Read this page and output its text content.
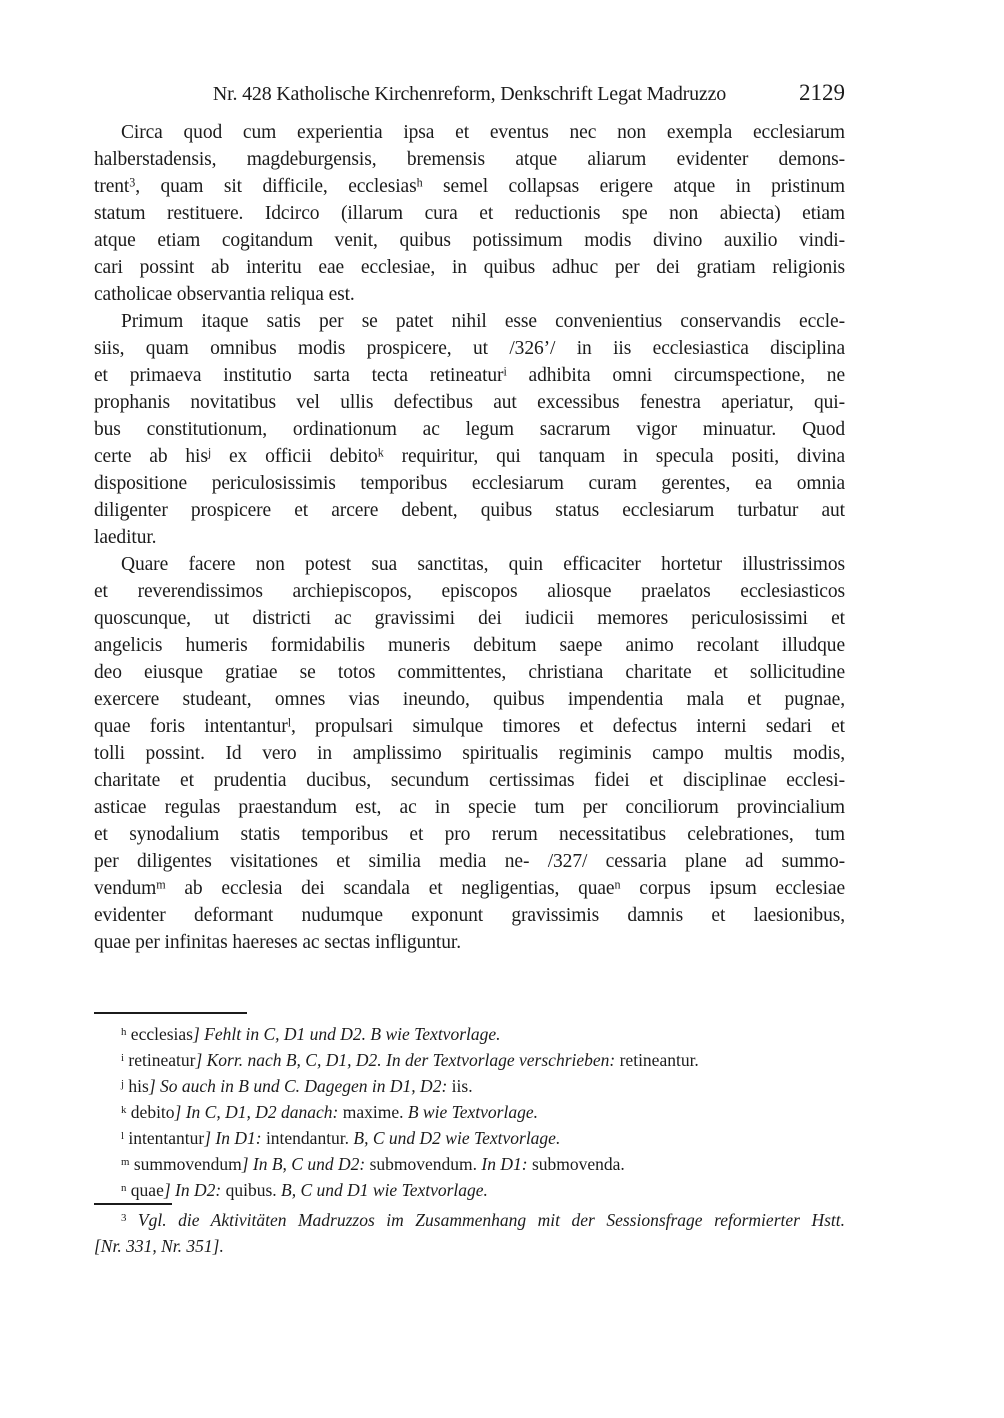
Nr. 428 Katholische Kirchenreform, Denkschrift Legat Madruzzo	2129
Circa quod cum experientia ipsa et eventus nec non exempla ecclesiarum
halberstadensis, magdeburgensis, bremensis atque aliarum evidenter demons-
trent$^3$, quam sit difficile, ecclesias$^h$ semel collapsas erigere atque in pristinum
statum restituere. Idcirco (illarum cura et reductionis spe non abiecta) etiam
atque etiam cogitandum venit, quibus potissimum modis divino auxilio vindi-
cari possint ab interitu eae ecclesiae, in quibus adhuc per dei gratiam religionis
catholicae observantia reliqua est.
Primum itaque satis per se patet nihil esse convenientius conservandis eccle-
siis, quam omnibus modis prospicere, ut /326’/ in iis ecclesiastica disciplina
et primaeva institutio sarta tecta retineatur$^i$ adhibita omni circumspectione, ne
prophanis novitatibus vel ullis defectibus aut excessibus fenestra aperiatur, qui-
bus constitutionum, ordinationum ac legum sacrarum vigor minuatur. Quod
certe ab his$^j$ ex officii debito$^k$ requiritur, qui tanquam in specula positi, divina
dispositione periculosissimis temporibus ecclesiarum curam gerentes, ea omnia
diligenter prospicere et arcere debent, quibus status ecclesiarum turbatur aut
laeditur.
Quare facere non potest sua sanctitas, quin efficaciter hortetur illustrissimos
et reverendissimos archiepiscopos, episcopos aliosque praelatos ecclesiasticos
quoscunque, ut districti ac gravissimi dei iudicii memores periculosissimi et
angelicis humeris formidabilis muneris debitum saepe animo recolant illudque
deo eiusque gratiae se totos committentes, christiana charitate et sollicitudine
exercere studeant, omnes vias ineundo, quibus impendentia mala et pugnae,
quae foris intentantur$^l$, propulsari simulque timores et defectus interni sedari et
tolli possint. Id vero in amplissimo spiritualis regiminis campo multis modis,
charitate et prudentia ducibus, secundum certissimas fidei et disciplinae ecclesi-
asticae regulas praestandum est, ac in specie tum per conciliorum provincialium
et synodalium statis temporibus et pro rerum necessitatibus celebrationes, tum
per diligentes visitationes et similia media ne- /327/ cessaria plane ad summo-
vendum$^m$ ab ecclesia dei scandala et negligentias, quae$^n$ corpus ipsum ecclesiae
evidenter deformant nudumque exponunt gravissimis damnis et laesionibus,
quae per infinitas haereses ac sectas infliguntur.
$^h$ ecclesias] Fehlt in C, D1 und D2. B wie Textvorlage.
$^i$ retineatur] Korr. nach B, C, D1, D2. In der Textvorlage verschrieben: retineantur.
$^j$ his] So auch in B und C. Dagegen in D1, D2: iis.
$^k$ debito] In C, D1, D2 danach: maxime. B wie Textvorlage.
$^l$ intentantur] In D1: intendantur. B, C und D2 wie Textvorlage.
$^m$ summovendum] In B, C und D2: submovendum. In D1: submovenda.
$^n$ quae] In D2: quibus. B, C und D1 wie Textvorlage.
$^3$ Vgl. die Aktivitäten Madruzzos im Zusammenhang mit der Sessionsfrage reformierter Hstt.
[Nr. 331, Nr. 351].
